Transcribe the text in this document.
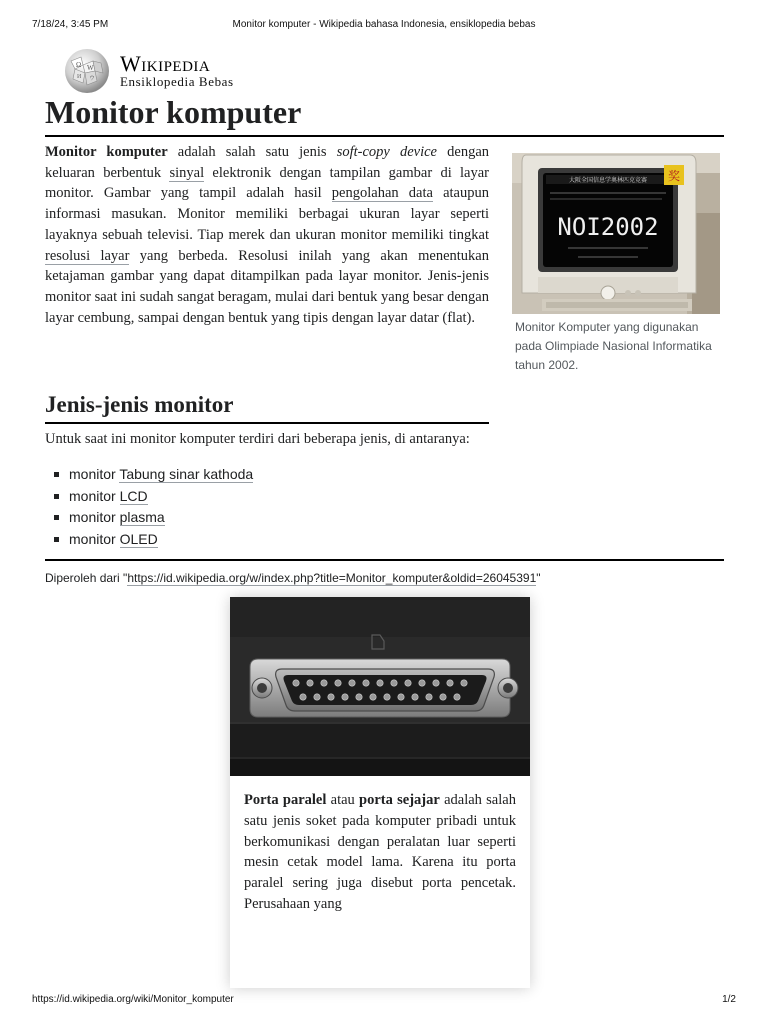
7/18/24, 3:45 PM	Monitor komputer - Wikipedia bahasa Indonesia, ensiklopedia bebas
Ω W
И ウ
Wikipedia
Ensiklopedia Bebas
Monitor komputer

Monitor komputer adalah salah satu jenis soft-copy device dengan keluaran berbentuk sinyal elektronik dengan tampilan gambar di layar monitor. Gambar yang tampil adalah hasil pengolahan data ataupun informasi masukan. Monitor memiliki berbagai ukuran layar seperti layaknya sebuah televisi. Tiap merek dan ukuran monitor memiliki tingkat resolusi layar yang berbeda. Resolusi inilah yang akan menentukan ketajaman gambar yang dapat ditampilkan pada layar monitor. Jenis-jenis monitor saat ini sudah sangat beragam, mulai dari bentuk yang besar dengan layar cembung, sampai dengan bentuk yang tipis dengan layar datar (flat).

大阪全国信息学奥林匹克竞赛
NOI2002
奖
Monitor Komputer yang digunakan pada Olimpiade Nasional Informatika tahun 2002.
Jenis-jenis monitor

Untuk saat ini monitor komputer terdiri dari beberapa jenis, di antaranya:

monitor Tabung sinar kathoda
monitor LCD
monitor plasma
monitor OLED
Diperoleh dari "https://id.wikipedia.org/w/index.php?title=Monitor_komputer&oldid=26045391"

Porta paralel atau porta sejajar adalah salah satu jenis soket pada komputer pribadi untuk berkomunikasi dengan peralatan luar seperti mesin cetak model lama. Karena itu porta paralel sering juga disebut porta pencetak. Perusahaan yang

https://id.wikipedia.org/wiki/Monitor_komputer	1/2
